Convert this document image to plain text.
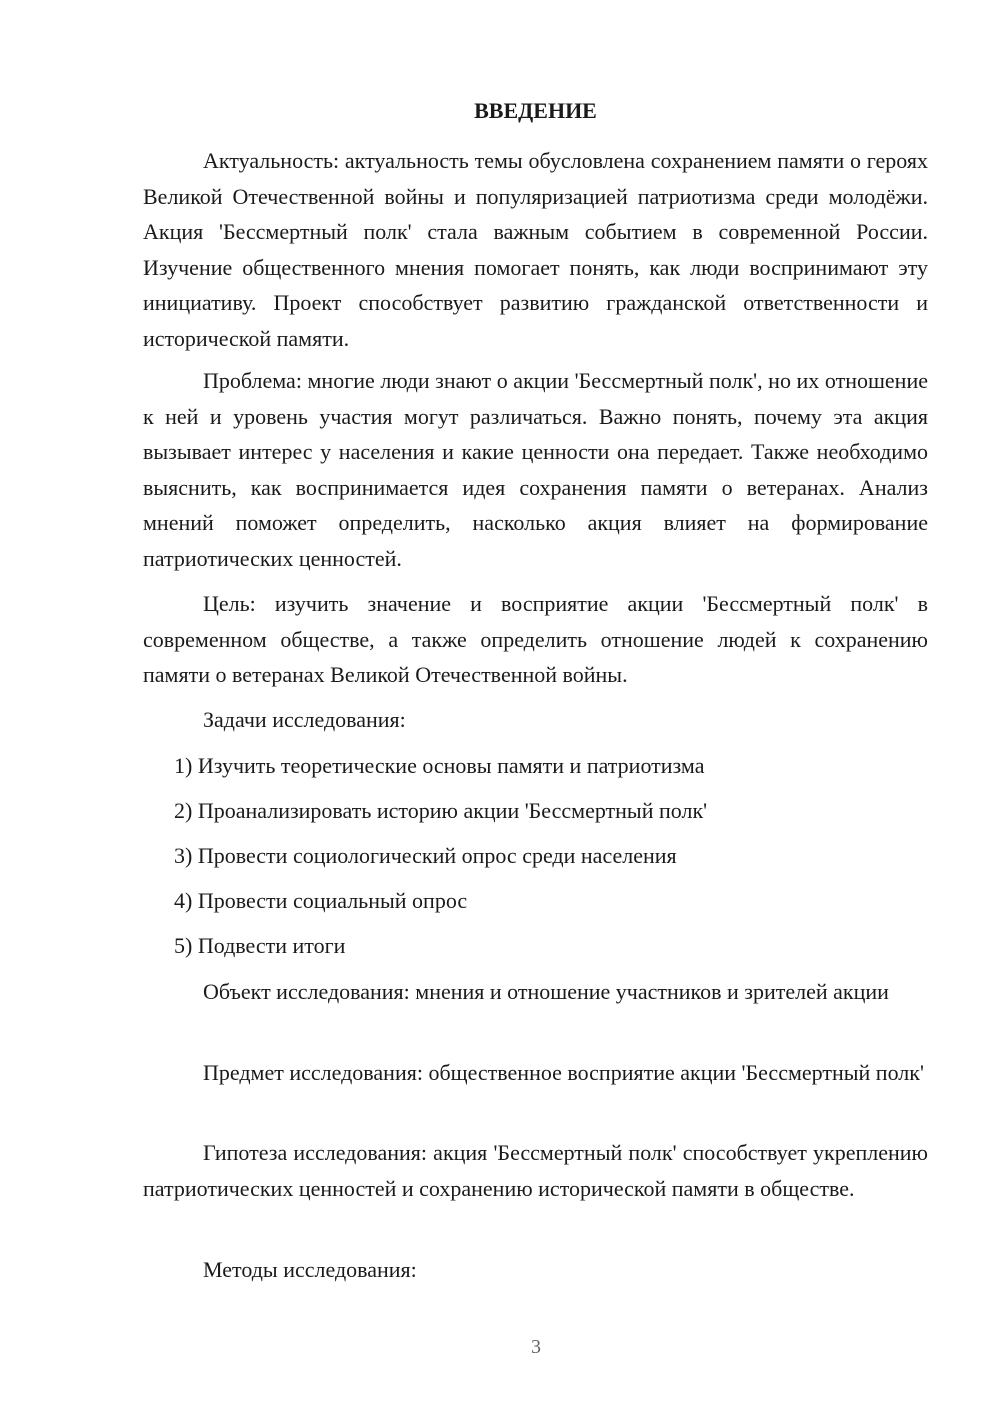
ВВЕДЕНИЕ

Актуальность: актуальность темы обусловлена сохранением памяти о героях Великой Отечественной войны и популяризацией патриотизма среди молодёжи. Акция 'Бессмертный полк' стала важным событием в современной России. Изучение общественного мнения помогает понять, как люди воспринимают эту инициативу. Проект способствует развитию гражданской ответственности и исторической памяти.

Проблема: многие люди знают о акции 'Бессмертный полк', но их отношение к ней и уровень участия могут различаться. Важно понять, почему эта акция вызывает интерес у населения и какие ценности она передает. Также необходимо выяснить, как воспринимается идея сохранения памяти о ветеранах. Анализ мнений поможет определить, насколько акция влияет на формирование патриотических ценностей.

Цель: изучить значение и восприятие акции 'Бессмертный полк' в современном обществе, а также определить отношение людей к сохранению памяти о ветеранах Великой Отечественной войны.

Задачи исследования:

1) Изучить теоретические основы памяти и патриотизма

2) Проанализировать историю акции 'Бессмертный полк'

3) Провести социологический опрос среди населения

4) Провести социальный опрос

5) Подвести итоги

Объект исследования: мнения и отношение участников и зрителей акции

Предмет исследования: общественное восприятие акции 'Бессмертный полк'

Гипотеза исследования: акция 'Бессмертный полк' способствует укреплению патриотических ценностей и сохранению исторической памяти в обществе.

Методы исследования:

3
